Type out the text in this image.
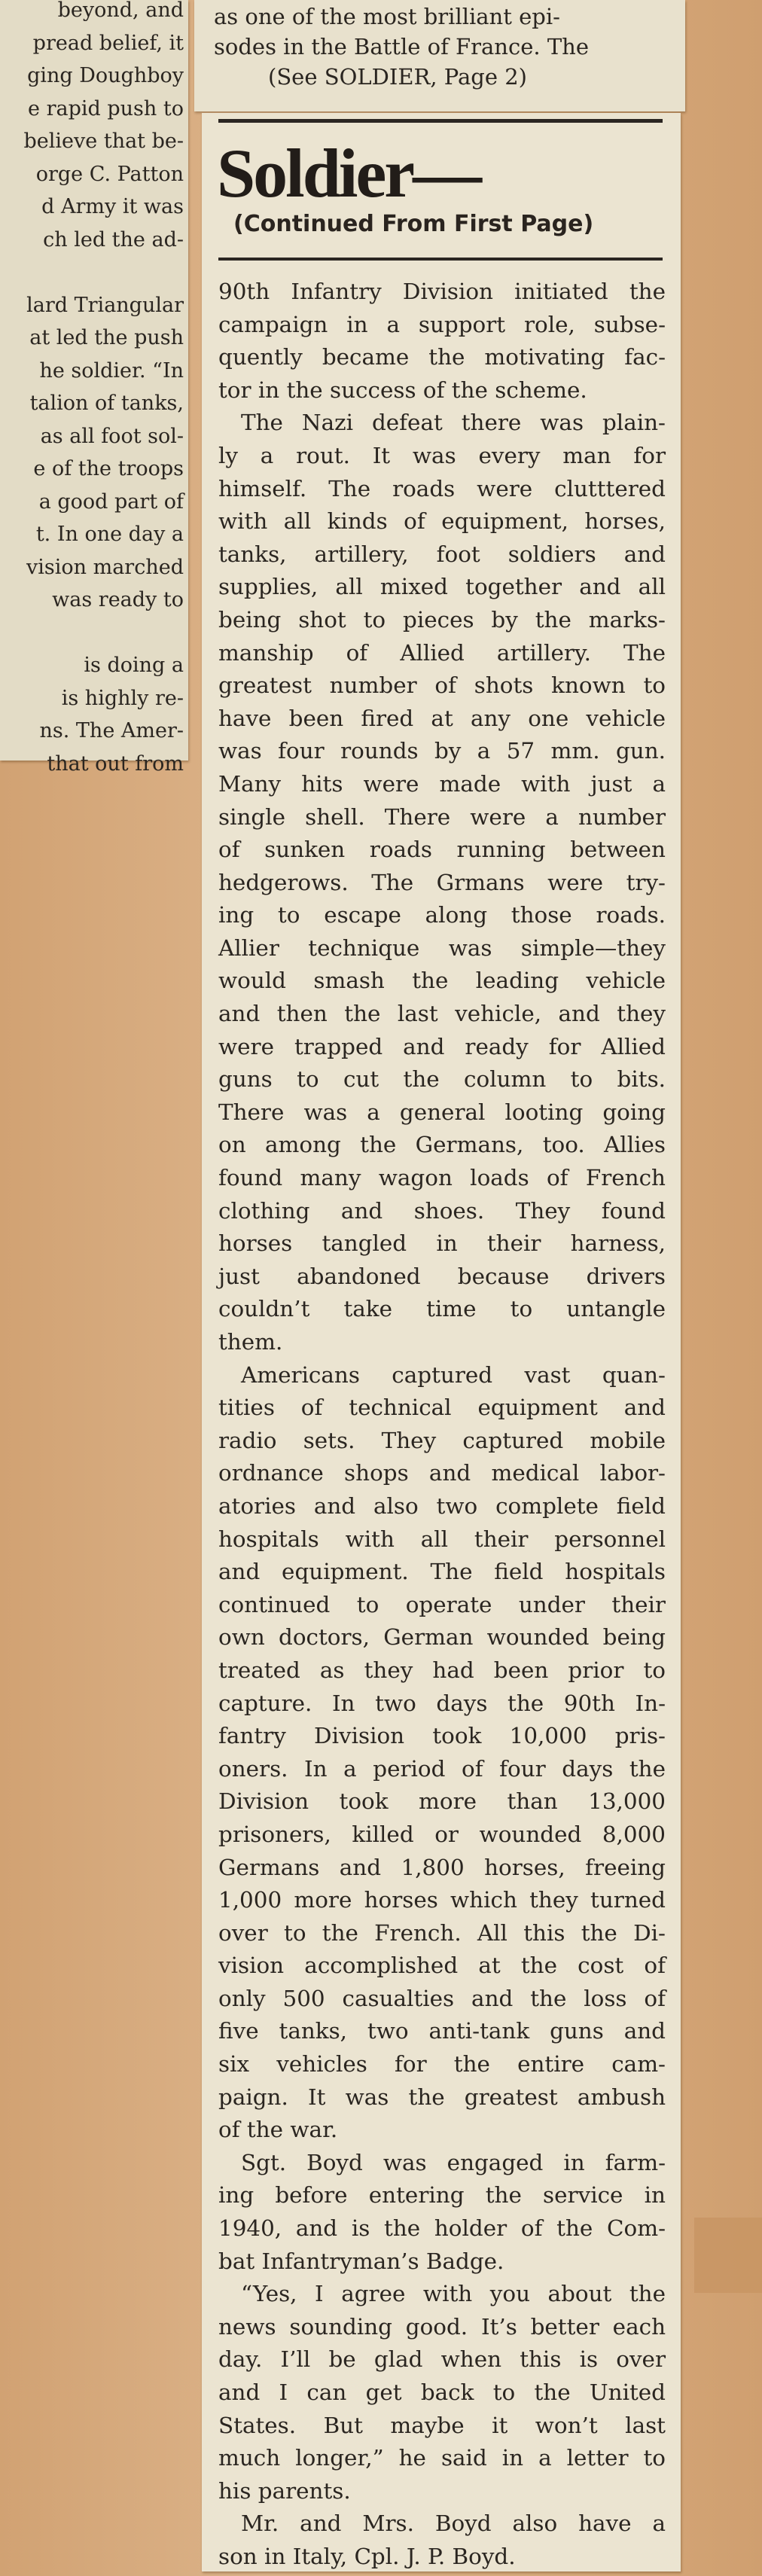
beyond, and
pread belief, it
ging Doughboy
e rapid push to
believe that be-
orge C. Patton
d Army it was
ch led the ad-
lard Triangular
at led the push
he soldier. “In
talion of tanks,
as all foot sol-
e of the troops
a good part of
t. In one day a
vision marched
was ready to
is doing a
is highly re-
ns. The Amer-
that out from
as one of the most brilliant epi-
sodes in the Battle of France. The
(See SOLDIER, Page 2)
Soldier—
(Continued From First Page)
90th Infantry Division initiated the
campaign in a support role, subse-
quently became the motivating fac-
tor in the success of the scheme.
The Nazi defeat there was plain-
ly a rout. It was every man for
himself. The roads were clutttered
with all kinds of equipment, horses,
tanks, artillery, foot soldiers and
supplies, all mixed together and all
being shot to pieces by the marks-
manship of Allied artillery. The
greatest number of shots known to
have been fired at any one vehicle
was four rounds by a 57 mm. gun.
Many hits were made with just a
single shell. There were a number
of sunken roads running between
hedgerows. The Grmans were try-
ing to escape along those roads.
Allier technique was simple—they
would smash the leading vehicle
and then the last vehicle, and they
were trapped and ready for Allied
guns to cut the column to bits.
There was a general looting going
on among the Germans, too. Allies
found many wagon loads of French
clothing and shoes. They found
horses tangled in their harness,
just abandoned because drivers
couldn’t take time to untangle
them.
Americans captured vast quan-
tities of technical equipment and
radio sets. They captured mobile
ordnance shops and medical labor-
atories and also two complete field
hospitals with all their personnel
and equipment. The field hospitals
continued to operate under their
own doctors, German wounded being
treated as they had been prior to
capture. In two days the 90th In-
fantry Division took 10,000 pris-
oners. In a period of four days the
Division took more than 13,000
prisoners, killed or wounded 8,000
Germans and 1,800 horses, freeing
1,000 more horses which they turned
over to the French. All this the Di-
vision accomplished at the cost of
only 500 casualties and the loss of
five tanks, two anti-tank guns and
six vehicles for the entire cam-
paign. It was the greatest ambush
of the war.
Sgt. Boyd was engaged in farm-
ing before entering the service in
1940, and is the holder of the Com-
bat Infantryman’s Badge.
“Yes, I agree with you about the
news sounding good. It’s better each
day. I’ll be glad when this is over
and I can get back to the United
States. But maybe it won’t last
much longer,” he said in a letter to
his parents.
Mr. and Mrs. Boyd also have a
son in Italy, Cpl. J. P. Boyd.
